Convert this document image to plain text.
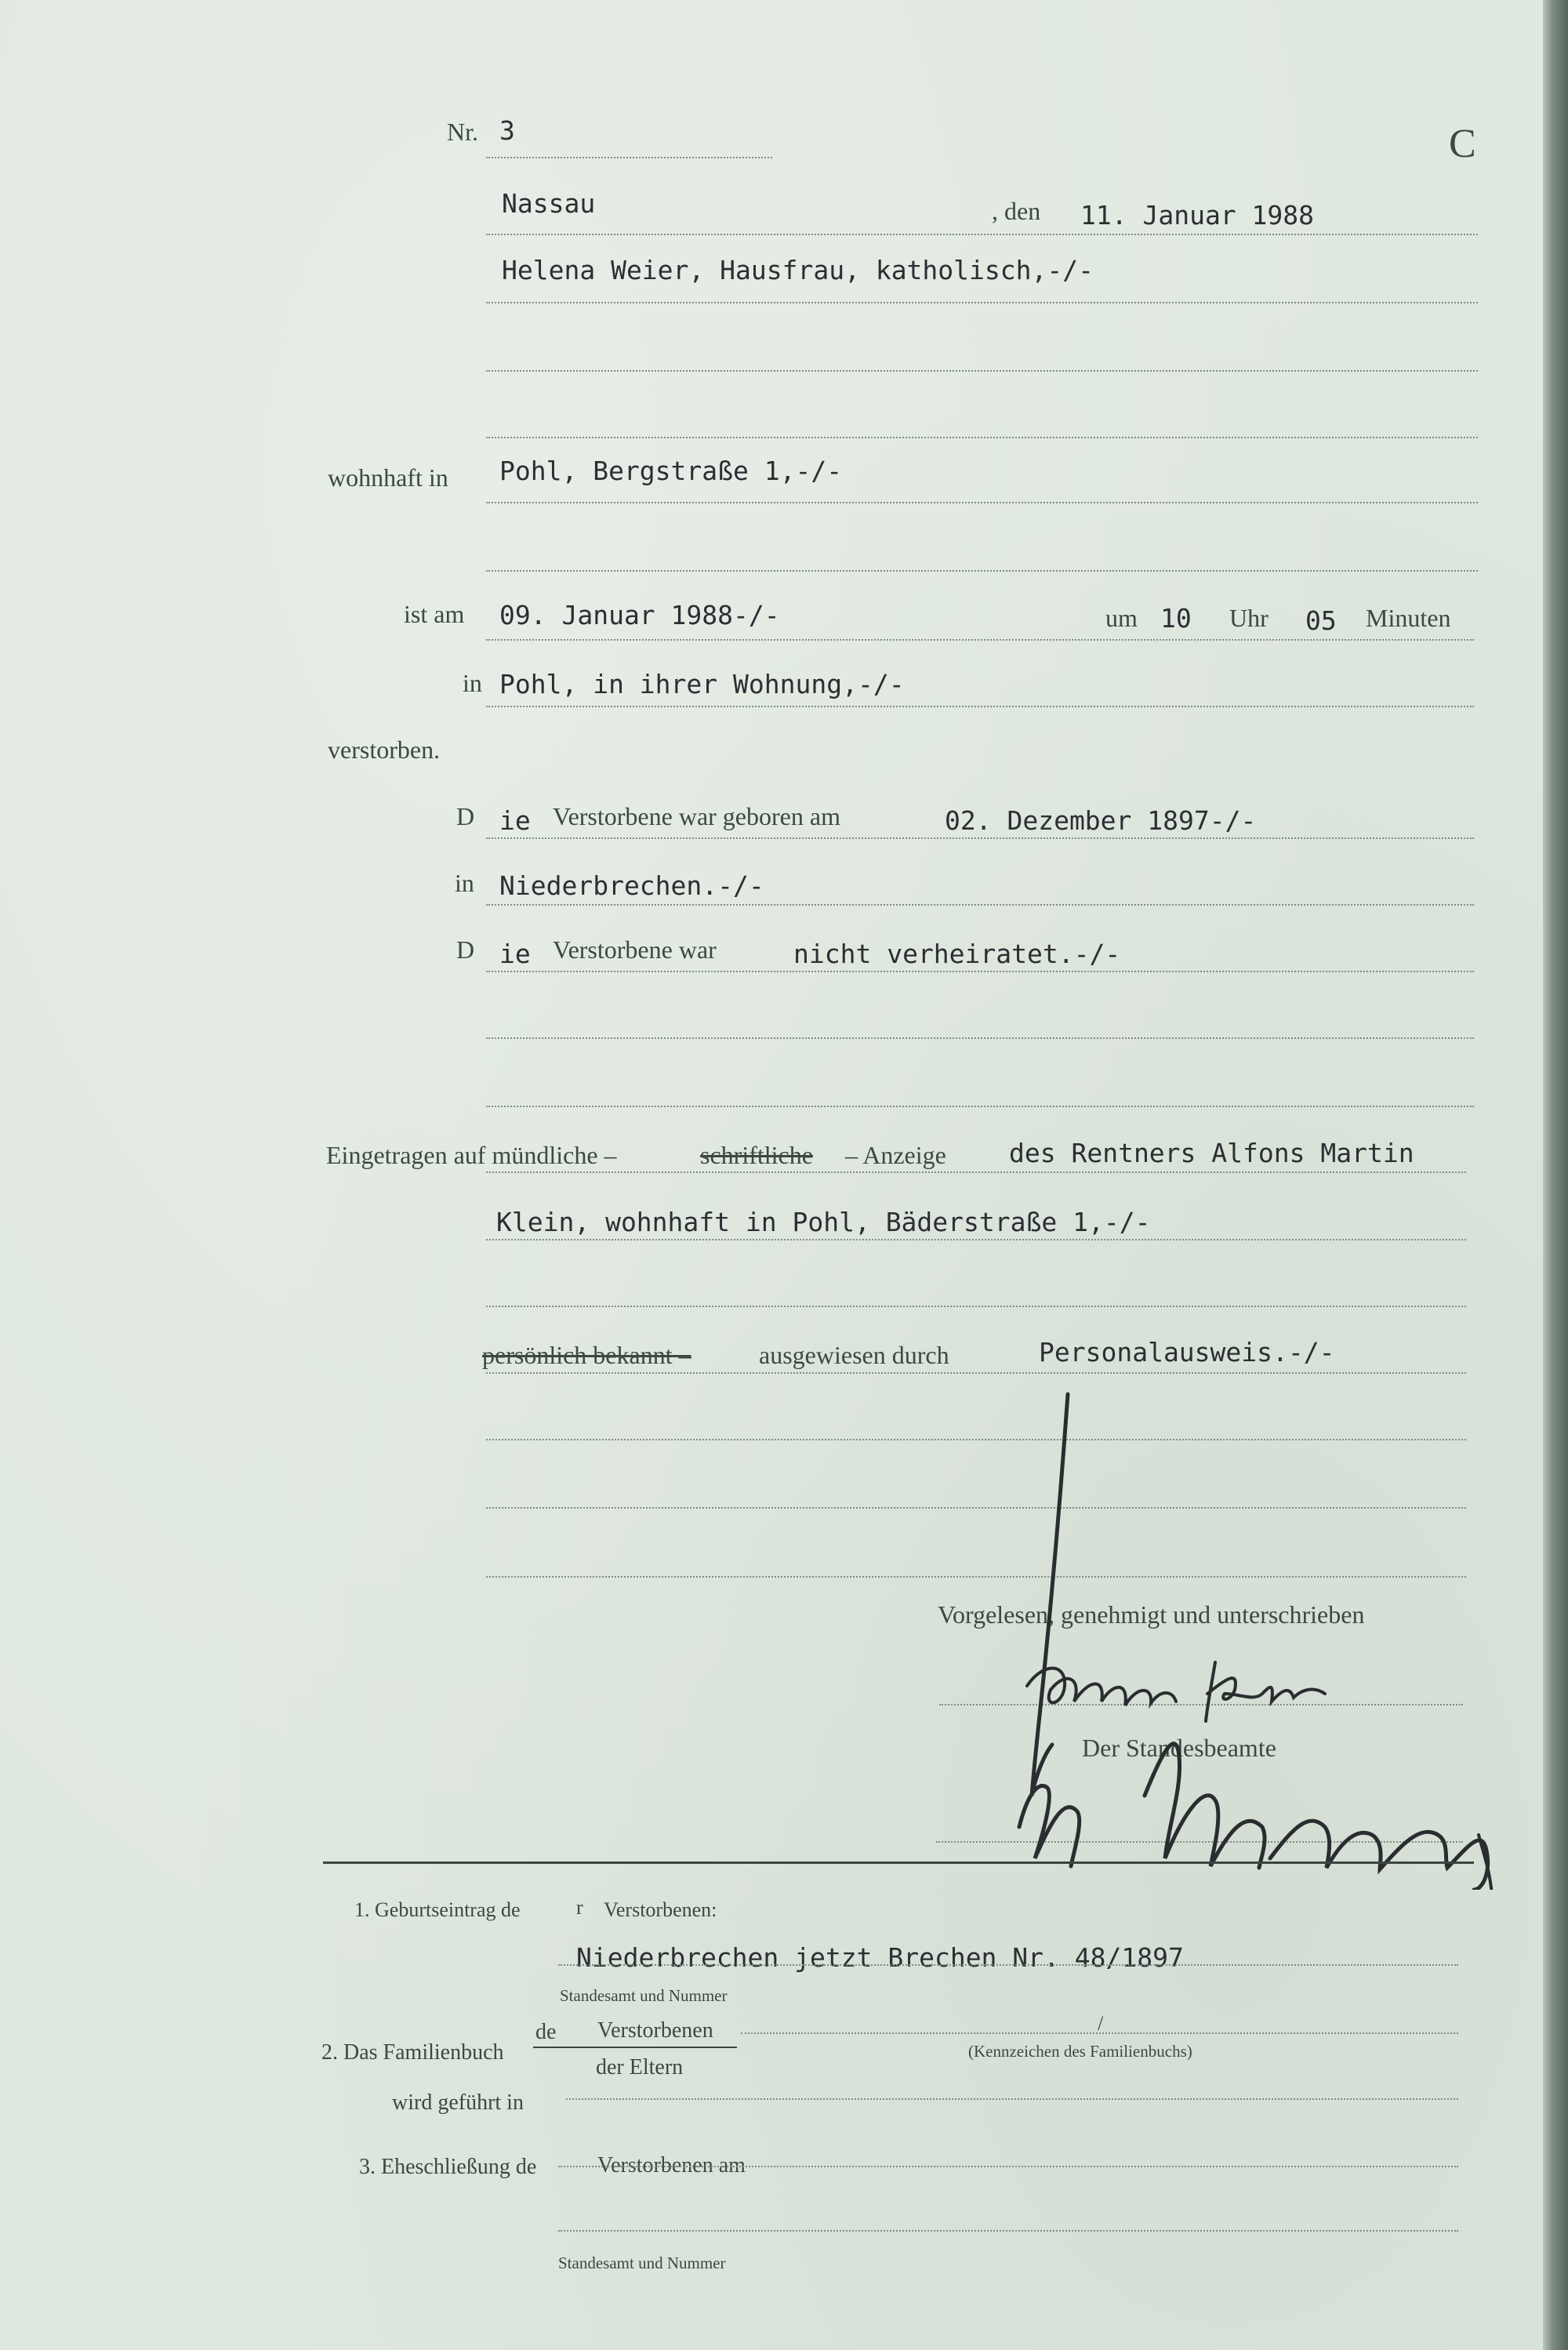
Nr. 3	C
Nassau	, den 11. Januar 1988
Helena Weier, Hausfrau, katholisch,-/-
wohnhaft in Pohl, Bergstraße 1,-/-
ist am 09. Januar 1988-/-	um 10 Uhr 05 Minuten
in Pohl, in ihrer Wohnung,-/-
verstorben.
D ie Verstorbene war geboren am	02. Dezember 1897-/-
in Niederbrechen.-/-
D ie Verstorbene war	nicht verheiratet.-/-
Eingetragen auf mündliche –	schriftliche – Anzeige des Rentners Alfons Martin
Klein, wohnhaft in Pohl, Bäderstraße 1,-/-
persönlich bekannt –	ausgewiesen durch	Personalausweis.-/-
Vorgelesen, genehmigt und unterschrieben
Der Standesbeamte
1. Geburtseintrag de	r Verstorbenen:
Niederbrechen jetzt Brechen Nr. 48/1897
Standesamt und Nummer
2. Das Familienbuch
de Verstorbenen
der Eltern
/
(Kennzeichen des Familienbuchs)
wird geführt in
3. Eheschließung de	Verstorbenen am
Standesamt und Nummer
